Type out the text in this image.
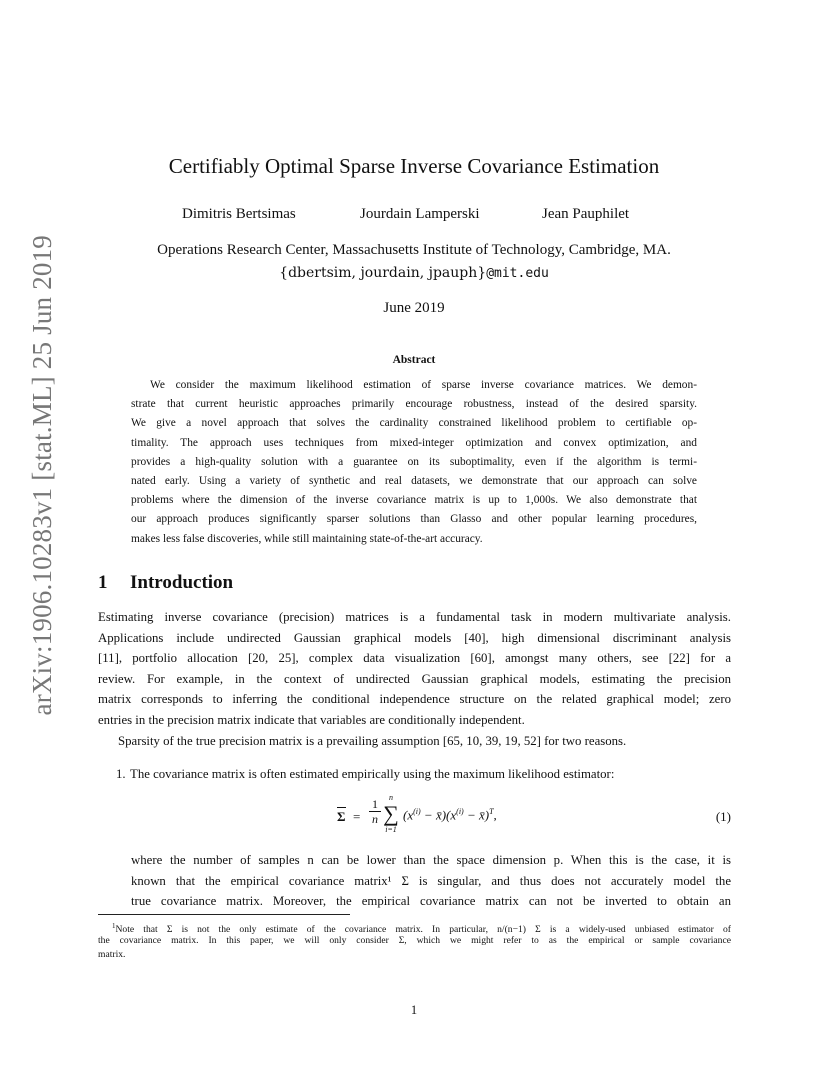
arXiv:1906.10283v1 [stat.ML] 25 Jun 2019
Certifiably Optimal Sparse Inverse Covariance Estimation
Dimitris Bertsimas	Jourdain Lamperski	Jean Pauphilet
Operations Research Center, Massachusetts Institute of Technology, Cambridge, MA.
{dbertsim, jourdain, jpauph}@mit.edu
June 2019
Abstract
We consider the maximum likelihood estimation of sparse inverse covariance matrices. We demon-
strate that current heuristic approaches primarily encourage robustness, instead of the desired sparsity.
We give a novel approach that solves the cardinality constrained likelihood problem to certifiable op-
timality. The approach uses techniques from mixed-integer optimization and convex optimization, and
provides a high-quality solution with a guarantee on its suboptimality, even if the algorithm is termi-
nated early. Using a variety of synthetic and real datasets, we demonstrate that our approach can solve
problems where the dimension of the inverse covariance matrix is up to 1,000s. We also demonstrate that
our approach produces significantly sparser solutions than Glasso and other popular learning procedures,
makes less false discoveries, while still maintaining state-of-the-art accuracy.
1 Introduction
Estimating inverse covariance (precision) matrices is a fundamental task in modern multivariate analysis.
Applications include undirected Gaussian graphical models [40], high dimensional discriminant analysis
[11], portfolio allocation [20, 25], complex data visualization [60], amongst many others, see [22] for a
review. For example, in the context of undirected Gaussian graphical models, estimating the precision
matrix corresponds to inferring the conditional independence structure on the related graphical model; zero
entries in the precision matrix indicate that variables are conditionally independent.
Sparsity of the true precision matrix is a prevailing assumption [65, 10, 39, 19, 52] for two reasons.
1. The covariance matrix is often estimated empirically using the maximum likelihood estimator:
$\Sigma = \frac{1}{n}$	n
∑
i=1
($x^{(i)}$ − $x̄)(x^{(i)}$ − x̄)$^T$,	(1)
where the number of samples n can be lower than the space dimension p. When this is the case, it is
known that the empirical covariance matrix¹ Σ is singular, and thus does not accurately model the
true covariance matrix. Moreover, the empirical covariance matrix can not be inverted to obtain an
$^1$Note that Σ is not the only estimate of the covariance matrix. In particular, n/(n−1) Σ is a widely-used unbiased estimator of
the covariance matrix. In this paper, we will only consider Σ, which we might refer to as the empirical or sample covariance
matrix.
1
